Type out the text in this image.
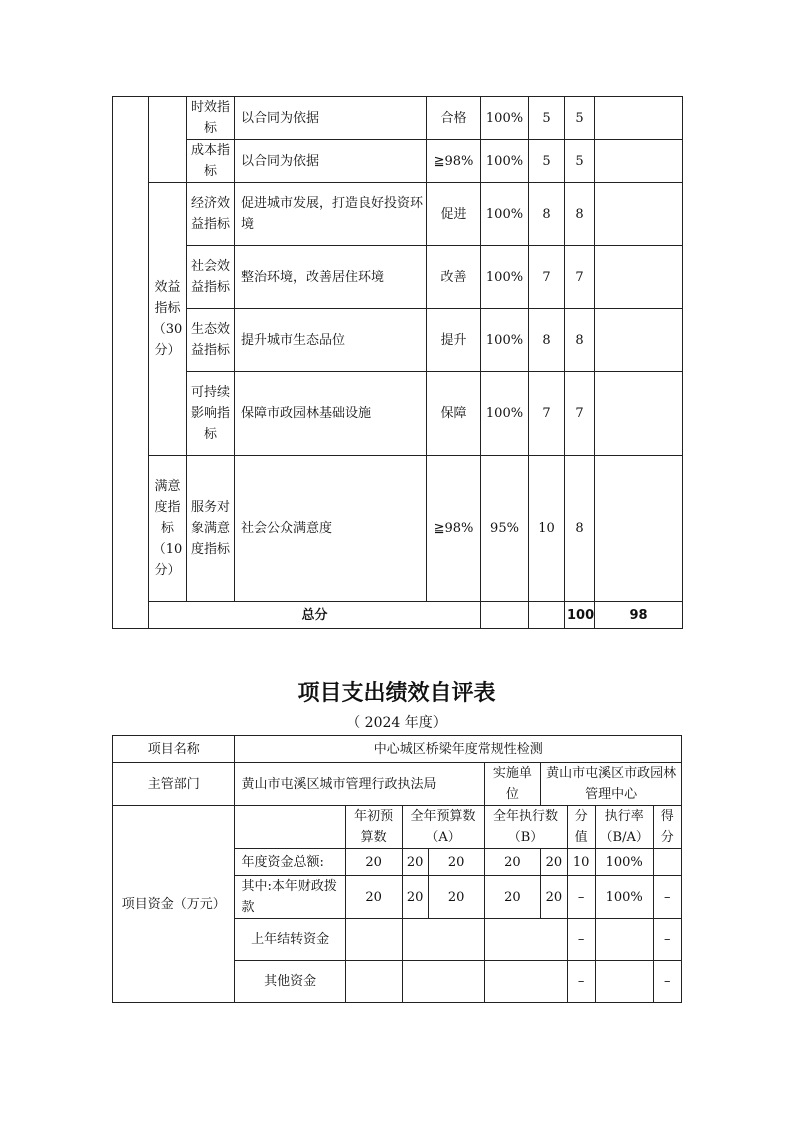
		时效指标	以合同为依据	合格	100%	5	5		
		成本指标	以合同为依据	≧98%	100%	5	5		
	效益指标（30分）	经济效益指标	促进城市发展，打造良好投资环境	促进	100%	8	8		
		社会效益指标	整治环境，改善居住环境	改善	100%	7	7		
		生态效益指标	提升城市生态品位	提升	100%	8	8		
		可持续影响指标	保障市政园林基础设施	保障	100%	7	7		
	满意度指标（10分）	服务对象满意度指标	社会公众满意度	≧98%	95%	10	8		
	总分						100	98	
项目支出绩效自评表
（ 2024 年度）
项目名称	中心城区桥梁年度常规性检测								
主管部门	黄山市屯溪区城市管理行政执法局				实施单位	黄山市屯溪区市政园林管理中心			
项目资金（万元）		年初预算数	全年预算数（A）		全年执行数（B）		分值	执行率（B/A）	得分
	年度资金总额:	20	20	20	20	20	10	100%	
	其中:本年财政拨款	20	20	20	20	20	–	100%	–
	上年结转资金						–		–
	其他资金						–		–
